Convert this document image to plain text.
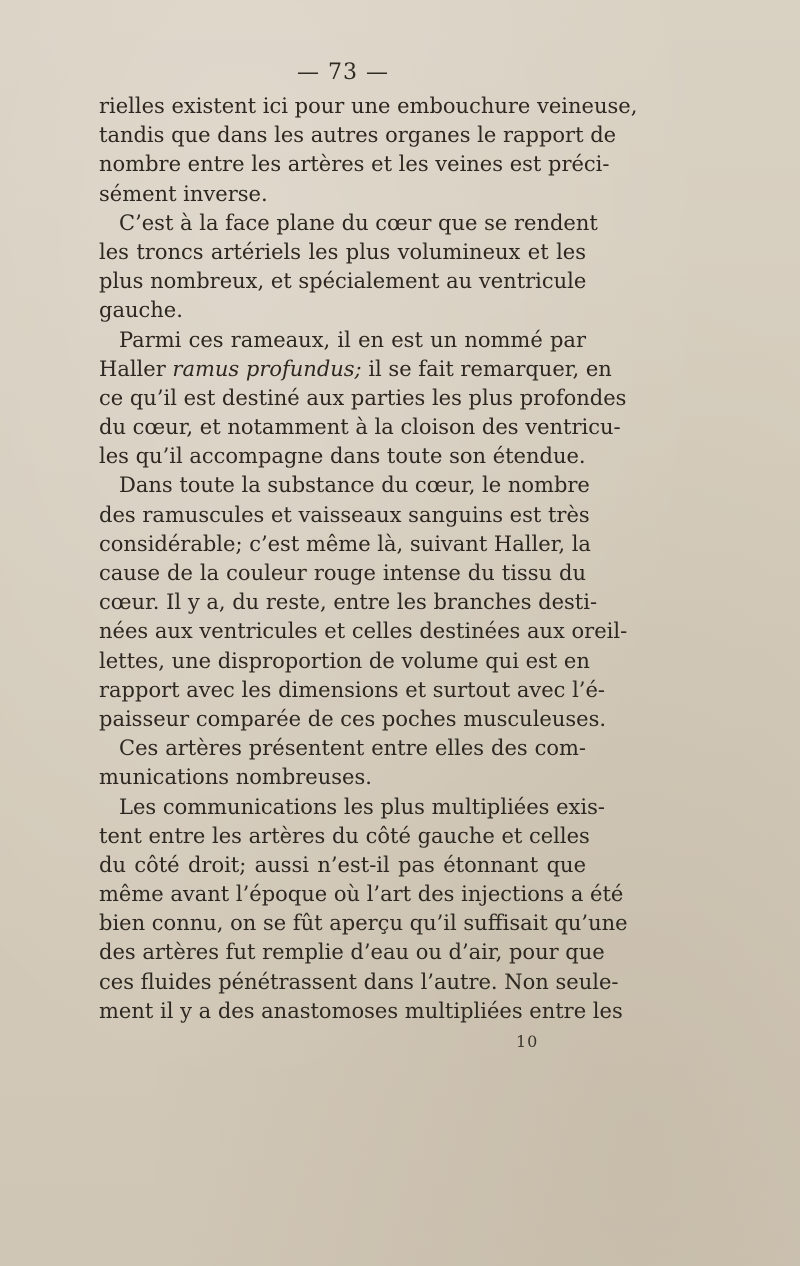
— 73 —
rielles existent ici pour une embouchure veineuse,
tandis que dans les autres organes le rapport de
nombre entre les artères et les veines est préci-
sément inverse.
C’est à la face plane du cœur que se rendent
les troncs artériels les plus volumineux et les
plus nombreux, et spécialement au ventricule
gauche.
Parmi ces rameaux, il en est un nommé par
Haller ramus profundus; il se fait remarquer, en
ce qu’il est destiné aux parties les plus profondes
du cœur, et notamment à la cloison des ventricu-
les qu’il accompagne dans toute son étendue.
Dans toute la substance du cœur, le nombre
des ramuscules et vaisseaux sanguins est très
considérable; c’est même là, suivant Haller, la
cause de la couleur rouge intense du tissu du
cœur. Il y a, du reste, entre les branches desti-
nées aux ventricules et celles destinées aux oreil-
lettes, une disproportion de volume qui est en
rapport avec les dimensions et surtout avec l’é-
paisseur comparée de ces poches musculeuses.
Ces artères présentent entre elles des com-
munications nombreuses.
Les communications les plus multipliées exis-
tent entre les artères du côté gauche et celles
du côté droit; aussi n’est-il pas étonnant que
même avant l’époque où l’art des injections a été
bien connu, on se fût aperçu qu’il suffisait qu’une
des artères fut remplie d’eau ou d’air, pour que
ces fluides pénétrassent dans l’autre. Non seule-
ment il y a des anastomoses multipliées entre les
10
